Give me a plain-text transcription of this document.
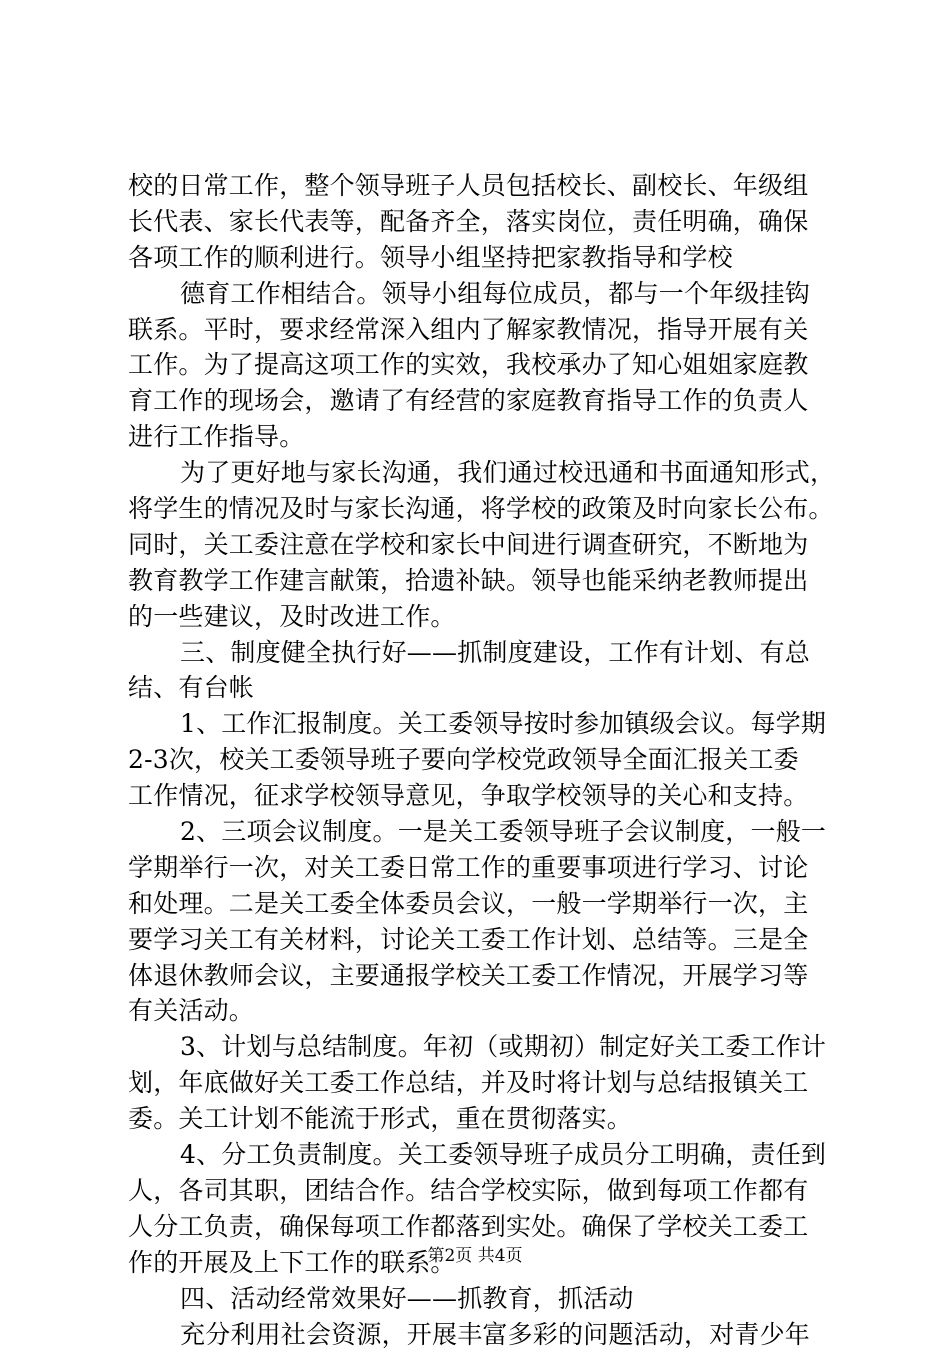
校的日常工作，整个领导班子人员包括校长、副校长、年级组
长代表、家长代表等，配备齐全，落实岗位，责任明确，确保
各项工作的顺利进行。领导小组坚持把家教指导和学校
德育工作相结合。领导小组每位成员，都与一个年级挂钩
联系。平时，要求经常深入组内了解家教情况，指导开展有关
工作。为了提高这项工作的实效，我校承办了知心姐姐家庭教
育工作的现场会，邀请了有经营的家庭教育指导工作的负责人
进行工作指导。
为了更好地与家长沟通，我们通过校迅通和书面通知形式，
将学生的情况及时与家长沟通，将学校的政策及时向家长公布。
同时，关工委注意在学校和家长中间进行调查研究，不断地为
教育教学工作建言献策，拾遗补缺。领导也能采纳老教师提出
的一些建议，及时改进工作。
三、制度健全执行好——抓制度建设，工作有计划、有总
结、有台帐
1、工作汇报制度。关工委领导按时参加镇级会议。每学期
2-3次，校关工委领导班子要向学校党政领导全面汇报关工委
工作情况，征求学校领导意见，争取学校领导的关心和支持。
2、三项会议制度。一是关工委领导班子会议制度，一般一
学期举行一次，对关工委日常工作的重要事项进行学习、讨论
和处理。二是关工委全体委员会议，一般一学期举行一次，主
要学习关工有关材料，讨论关工委工作计划、总结等。三是全
体退休教师会议，主要通报学校关工委工作情况，开展学习等
有关活动。
3、计划与总结制度。年初（或期初）制定好关工委工作计
划，年底做好关工委工作总结，并及时将计划与总结报镇关工
委。关工计划不能流于形式，重在贯彻落实。
4、分工负责制度。关工委领导班子成员分工明确，责任到
人，各司其职，团结合作。结合学校实际，做到每项工作都有
人分工负责，确保每项工作都落到实处。确保了学校关工委工
作的开展及上下工作的联系。
四、活动经常效果好——抓教育，抓活动
充分利用社会资源，开展丰富多彩的问题活动，对青少年
第2页 共4页
